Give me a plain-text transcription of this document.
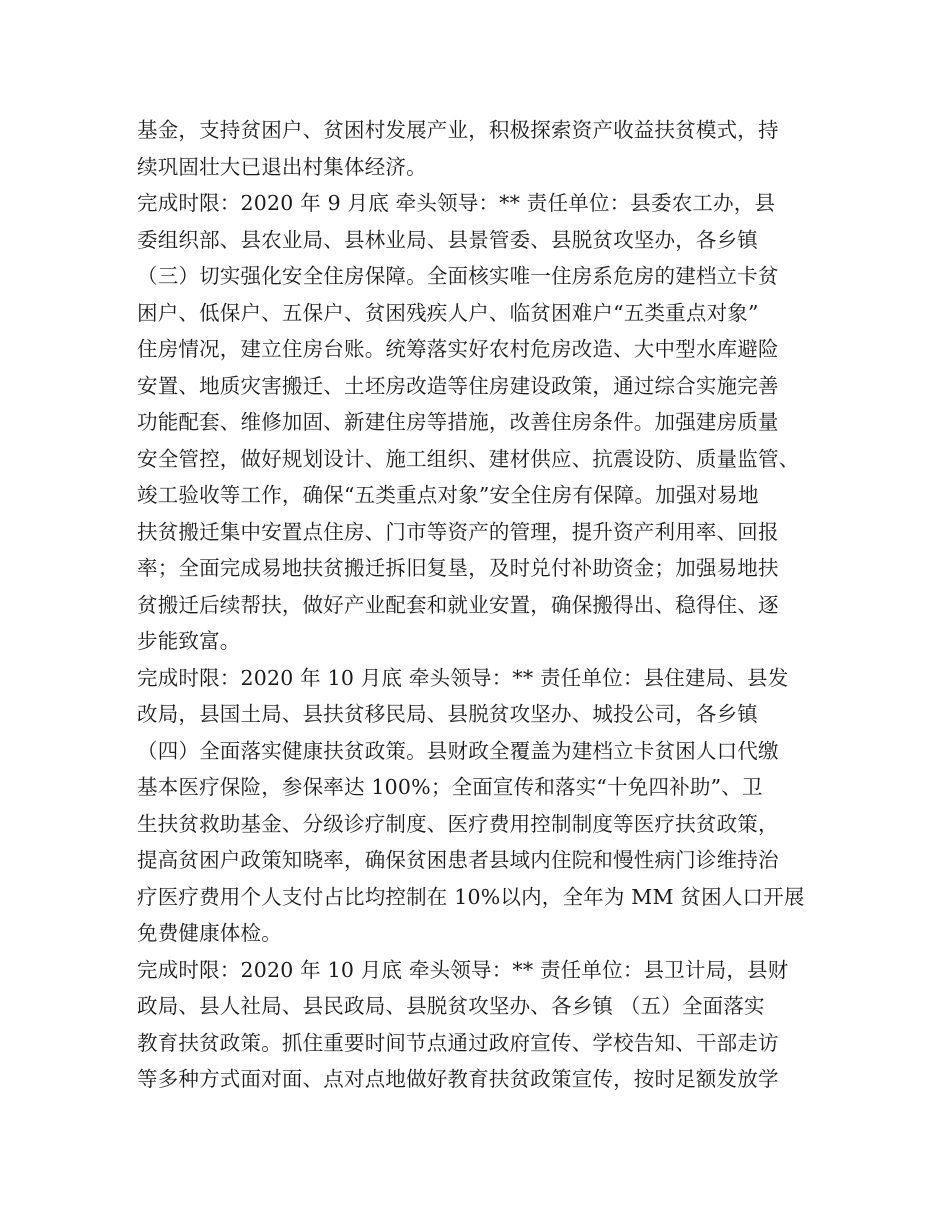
基金，支持贫困户、贫困村发展产业，积极探索资产收益扶贫模式，持
续巩固壮大已退出村集体经济。
完成时限：2020 年 9 月底 牵头领导：** 责任单位：县委农工办，县
委组织部、县农业局、县林业局、县景管委、县脱贫攻坚办，各乡镇
（三）切实强化安全住房保障。全面核实唯一住房系危房的建档立卡贫
困户、低保户、五保户、贫困残疾人户、临贫困难户“五类重点对象”
住房情况，建立住房台账。统筹落实好农村危房改造、大中型水库避险
安置、地质灾害搬迁、土坯房改造等住房建设政策，通过综合实施完善
功能配套、维修加固、新建住房等措施，改善住房条件。加强建房质量
安全管控，做好规划设计、施工组织、建材供应、抗震设防、质量监管、
竣工验收等工作，确保“五类重点对象”安全住房有保障。加强对易地
扶贫搬迁集中安置点住房、门市等资产的管理，提升资产利用率、回报
率；全面完成易地扶贫搬迁拆旧复垦，及时兑付补助资金；加强易地扶
贫搬迁后续帮扶，做好产业配套和就业安置，确保搬得出、稳得住、逐
步能致富。
完成时限：2020 年 10 月底 牵头领导：** 责任单位：县住建局、县发
改局，县国土局、县扶贫移民局、县脱贫攻坚办、城投公司，各乡镇
（四）全面落实健康扶贫政策。县财政全覆盖为建档立卡贫困人口代缴
基本医疗保险，参保率达 100%；全面宣传和落实“十免四补助”、卫
生扶贫救助基金、分级诊疗制度、医疗费用控制制度等医疗扶贫政策，
提高贫困户政策知晓率，确保贫困患者县域内住院和慢性病门诊维持治
疗医疗费用个人支付占比均控制在 10%以内，全年为 MM 贫困人口开展
免费健康体检。
完成时限：2020 年 10 月底 牵头领导：** 责任单位：县卫计局，县财
政局、县人社局、县民政局、县脱贫攻坚办、各乡镇 （五）全面落实
教育扶贫政策。抓住重要时间节点通过政府宣传、学校告知、干部走访
等多种方式面对面、点对点地做好教育扶贫政策宣传，按时足额发放学
